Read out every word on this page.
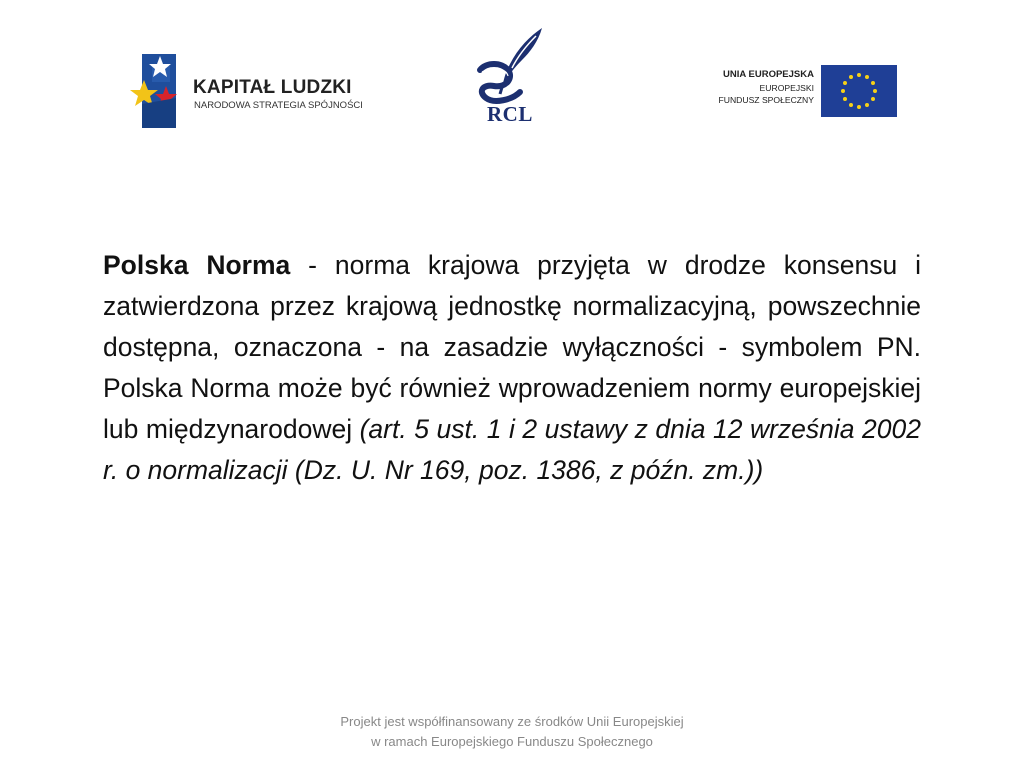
KAPITAŁ LUDZKI
NARODOWA STRATEGIA SPÓJNOŚCI	RCL
UNIA EUROPEJSKA
EUROPEJSKI
FUNDUSZ SPOŁECZNY
Polska Norma - norma krajowa przyjęta w drodze konsensu i zatwierdzona przez krajową jednostkę normalizacyjną, powszechnie dostępna, oznaczona - na zasadzie wyłączności - symbolem PN. Polska Norma może być również wprowadzeniem normy europejskiej lub międzynarodowej (art. 5 ust. 1 i 2 ustawy z dnia 12 września 2002 r. o normalizacji (Dz. U. Nr 169, poz. 1386, z późn. zm.))
Projekt jest współfinansowany ze środków Unii Europejskiej
w ramach Europejskiego Funduszu Społecznego
